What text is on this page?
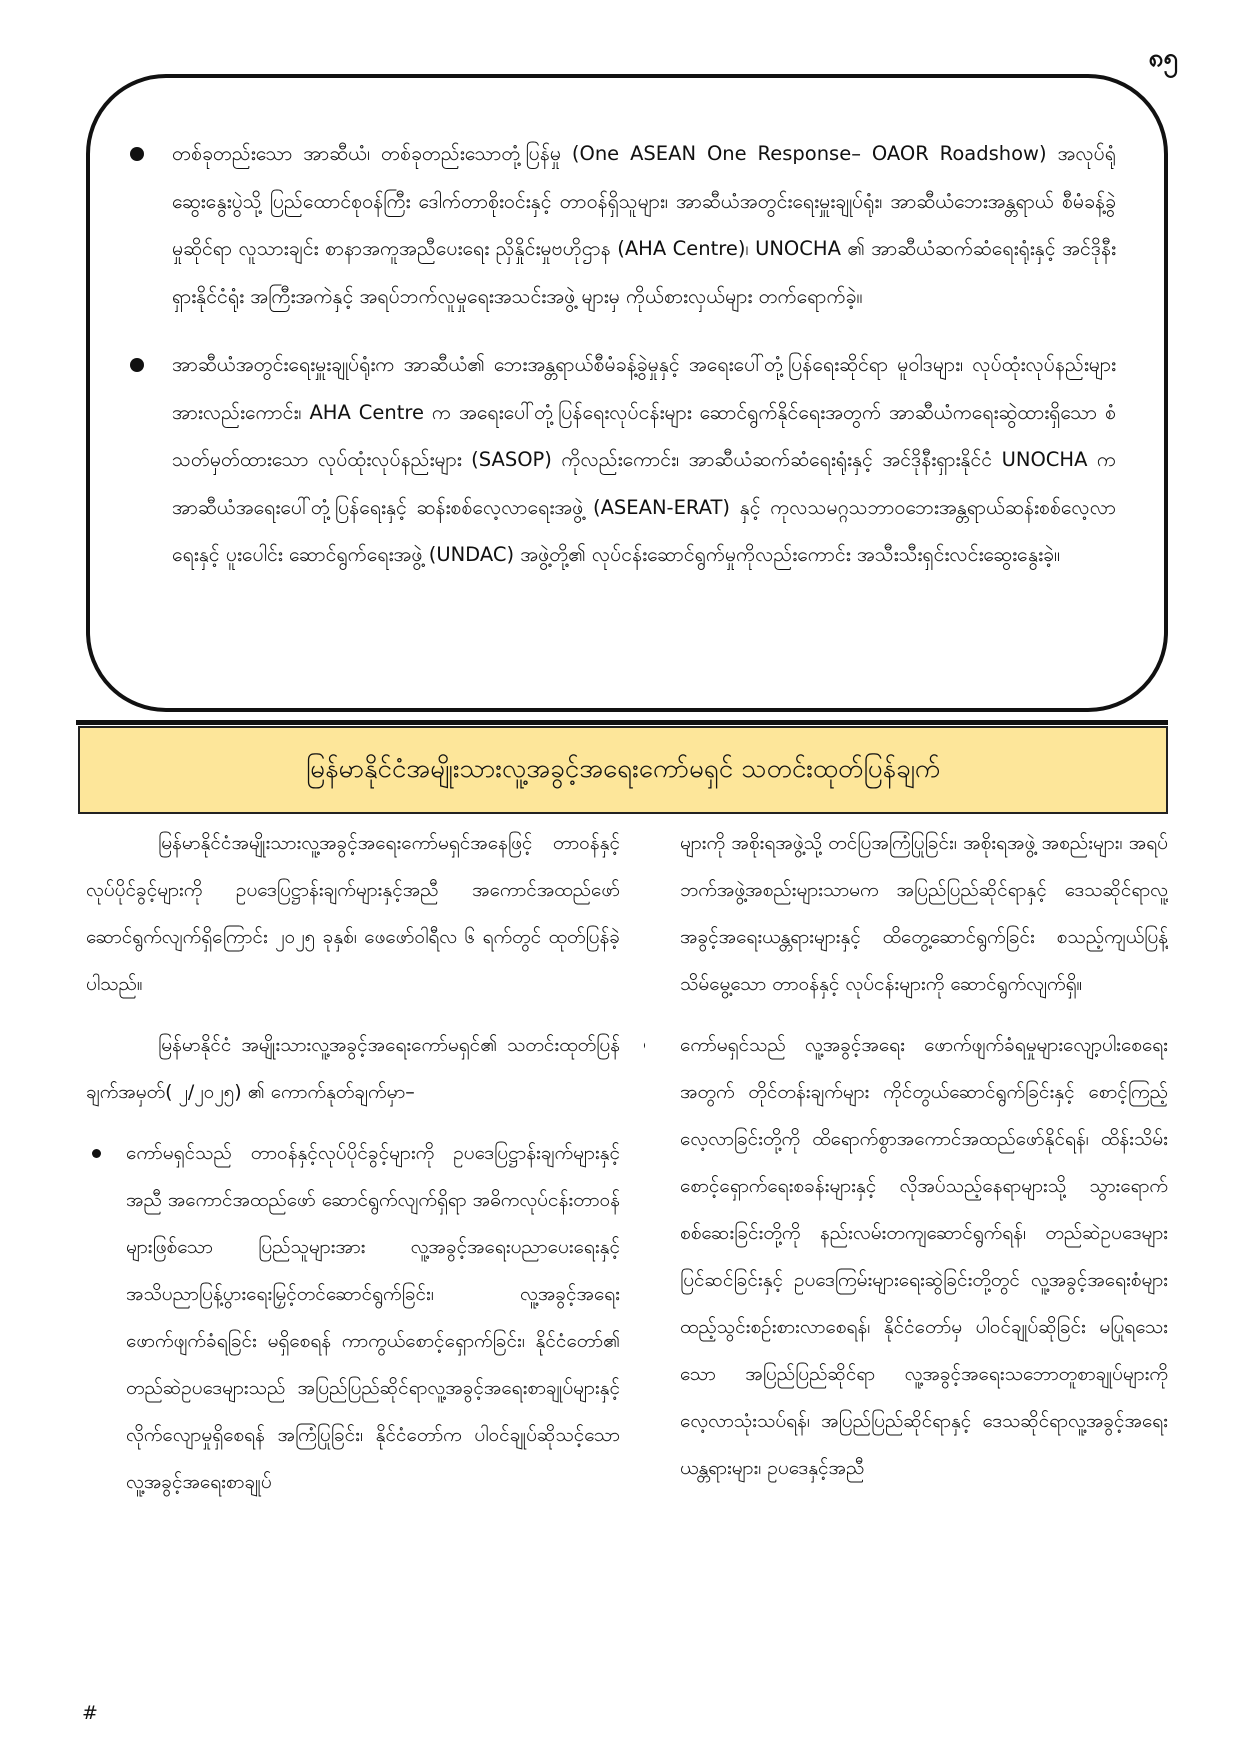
၈၅
တစ်ခုတည်းသော အာဆီယံ၊ တစ်ခုတည်းသောတုံ့ပြန်မှု (One ASEAN One Response– OAOR Roadshow) အလုပ်ရုံဆွေးနွေးပွဲသို့ ပြည်ထောင်စုဝန်ကြီး ဒေါက်တာစိုးဝင်းနှင့် တာဝန်ရှိသူများ၊ အာဆီယံအတွင်းရေးမှူးချုပ်ရုံး၊ အာဆီယံဘေးအန္တရာယ် စီမံခန့်ခွဲမှုဆိုင်ရာ လူသားချင်း စာနာအကူအညီပေးရေး ညှိနှိုင်းမှုဗဟိုဌာန (AHA Centre)၊ UNOCHA ၏ အာဆီယံဆက်ဆံရေးရုံးနှင့် အင်ဒိုနီးရှားနိုင်ငံရုံး အကြီးအကဲနှင့် အရပ်ဘက်လူမှုရေးအသင်းအဖွဲ့ များမှ ကိုယ်စားလှယ်များ တက်ရောက်ခဲ့။
အာဆီယံအတွင်းရေးမှူးချုပ်ရုံးက အာဆီယံ၏ ဘေးအန္တရာယ်စီမံခန့်ခွဲမှုနှင့် အရေးပေါ်တုံ့ပြန်ရေးဆိုင်ရာ မူဝါဒများ၊ လုပ်ထုံးလုပ်နည်းများအားလည်းကောင်း၊ AHA Centre က အရေးပေါ်တုံ့ပြန်ရေးလုပ်ငန်းများ ဆောင်ရွက်နိုင်ရေးအတွက် အာဆီယံကရေးဆွဲထားရှိသော စံသတ်မှတ်ထားသော လုပ်ထုံးလုပ်နည်းများ (SASOP) ကိုလည်းကောင်း၊ အာဆီယံဆက်ဆံရေးရုံးနှင့် အင်ဒိုနီးရှားနိုင်ငံ UNOCHA က အာဆီယံအရေးပေါ်တုံ့ပြန်ရေးနှင့် ဆန်းစစ်လေ့လာရေးအဖွဲ့ (ASEAN-ERAT) နှင့် ကုလသမဂ္ဂသဘာဝဘေးအန္တရာယ်ဆန်းစစ်လေ့လာရေးနှင့် ပူးပေါင်း ဆောင်ရွက်ရေးအဖွဲ့ (UNDAC) အဖွဲ့တို့၏ လုပ်ငန်းဆောင်ရွက်မှုကိုလည်းကောင်း အသီးသီးရှင်းလင်းဆွေးနွေးခဲ့။
မြန်မာနိုင်ငံအမျိုးသားလူ့အခွင့်အရေးကော်မရှင် သတင်းထုတ်ပြန်ချက်

မြန်မာနိုင်ငံအမျိုးသားလူ့အခွင့်အရေးကော်မရှင်အနေဖြင့် တာဝန်နှင့်လုပ်ပိုင်ခွင့်များကို ဥပဒေပြဋ္ဌာန်းချက်များနှင့်အညီ အကောင်အထည်ဖော်ဆောင်ရွက်လျက်ရှိကြောင်း ၂၀၂၅ ခုနှစ်၊ ဖေဖော်ဝါရီလ ၆ ရက်တွင် ထုတ်ပြန်ခဲ့ပါသည်။

မြန်မာနိုင်ငံ အမျိုးသားလူ့အခွင့်အရေးကော်မရှင်၏ သတင်းထုတ်ပြန်ချက်အမှတ်( ၂/၂၀၂၅) ၏ ကောက်နုတ်ချက်မှာ–

ကော်မရှင်သည် တာဝန်နှင့်လုပ်ပိုင်ခွင့်များကို ဥပဒေပြဋ္ဌာန်းချက်များနှင့်အညီ အကောင်အထည်ဖော် ဆောင်ရွက်လျက်ရှိရာ အဓိကလုပ်ငန်းတာဝန်များဖြစ်သော ပြည်သူများအား လူ့အခွင့်အရေးပညာပေးရေးနှင့် အသိပညာပြန့်ပွားရေးမြှင့်တင်ဆောင်ရွက်ခြင်း၊ လူ့အခွင့်အရေး ဖောက်ဖျက်ခံရခြင်း မရှိစေရန် ကာကွယ်စောင့်ရှောက်ခြင်း၊ နိုင်ငံတော်၏ တည်ဆဲဥပဒေများသည် အပြည်ပြည်ဆိုင်ရာလူ့အခွင့်အရေးစာချုပ်များနှင့် လိုက်လျောမှုရှိစေရန် အကြံပြုခြင်း၊ နိုင်ငံတော်က ပါဝင်ချုပ်ဆိုသင့်သော လူ့အခွင့်အရေးစာချုပ်

များကို အစိုးရအဖွဲ့သို့ တင်ပြအကြံပြုခြင်း၊ အစိုးရအဖွဲ့ အစည်းများ၊ အရပ်ဘက်အဖွဲ့အစည်းများသာမက အပြည်ပြည်ဆိုင်ရာနှင့် ဒေသဆိုင်ရာလူ့အခွင့်အရေးယန္တရားများနှင့် ထိတွေ့ဆောင်ရွက်ခြင်း စသည့်ကျယ်ပြန့်သိမ်မွေ့သော တာဝန်နှင့် လုပ်ငန်းများကို ဆောင်ရွက်လျက်ရှိ။

ကော်မရှင်သည် လူ့အခွင့်အရေး ဖောက်ဖျက်ခံရမှုများလျော့ပါးစေရေးအတွက် တိုင်တန်းချက်များ ကိုင်တွယ်ဆောင်ရွက်ခြင်းနှင့် စောင့်ကြည့်လေ့လာခြင်းတို့ကို ထိရောက်စွာအကောင်အထည်ဖော်နိုင်ရန်၊ ထိန်းသိမ်းစောင့်ရှောက်ရေးစခန်းများနှင့် လိုအပ်သည့်နေရာများသို့ သွားရောက်စစ်ဆေးခြင်းတို့ကို နည်းလမ်းတကျဆောင်ရွက်ရန်၊ တည်ဆဲဥပဒေများ ပြင်ဆင်ခြင်းနှင့် ဥပဒေကြမ်းများရေးဆွဲခြင်းတို့တွင် လူ့အခွင့်အရေးစံများ ထည့်သွင်းစဉ်းစားလာစေရန်၊ နိုင်ငံတော်မှ ပါဝင်ချုပ်ဆိုခြင်း မပြုရသေးသော အပြည်ပြည်ဆိုင်ရာ လူ့အခွင့်အရေးသဘောတူစာချုပ်များကို လေ့လာသုံးသပ်ရန်၊ အပြည်ပြည်ဆိုင်ရာနှင့် ဒေသဆိုင်ရာလူ့အခွင့်အရေးယန္တရားများ၊ ဥပဒေနှင့်အညီ
#
